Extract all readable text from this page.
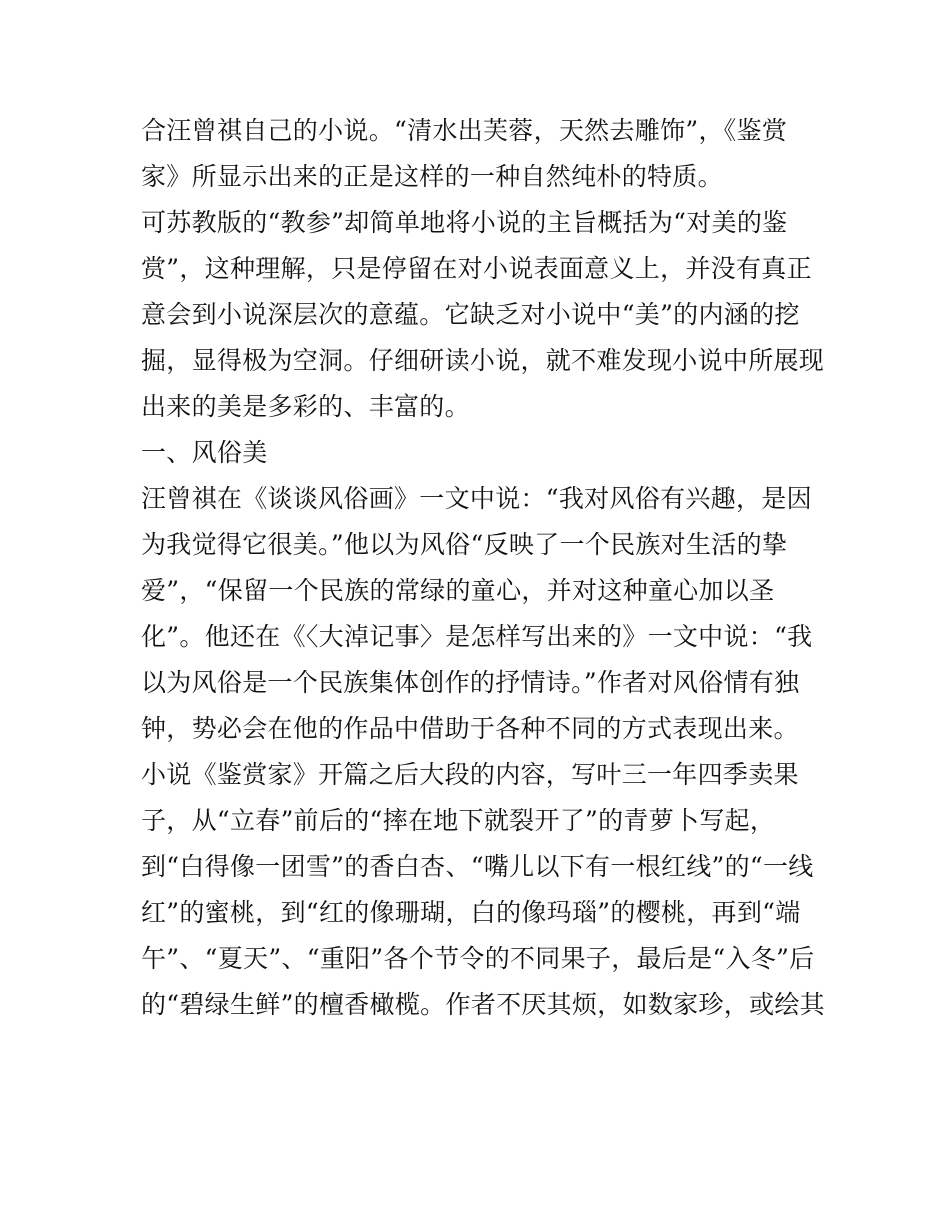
合汪曾祺自己的小说。“清水出芙蓉，天然去雕饰”，《鉴赏
家》所显示出来的正是这样的一种自然纯朴的特质。
可苏教版的“教参”却简单地将小说的主旨概括为“对美的鉴
赏”，这种理解，只是停留在对小说表面意义上，并没有真正
意会到小说深层次的意蕴。它缺乏对小说中“美”的内涵的挖
掘，显得极为空洞。仔细研读小说，就不难发现小说中所展现
出来的美是多彩的、丰富的。
一、风俗美
汪曾祺在《谈谈风俗画》一文中说：“我对风俗有兴趣，是因
为我觉得它很美。”他以为风俗“反映了一个民族对生活的挚
爱”，“保留一个民族的常绿的童心，并对这种童心加以圣
化”。他还在《〈大淖记事〉是怎样写出来的》一文中说：“我
以为风俗是一个民族集体创作的抒情诗。”作者对风俗情有独
钟，势必会在他的作品中借助于各种不同的方式表现出来。
小说《鉴赏家》开篇之后大段的内容，写叶三一年四季卖果
子，从“立春”前后的“摔在地下就裂开了”的青萝卜写起，
到“白得像一团雪”的香白杏、“嘴儿以下有一根红线”的“一线
红”的蜜桃，到“红的像珊瑚，白的像玛瑙”的樱桃，再到“端
午”、“夏天”、“重阳”各个节令的不同果子，最后是“入冬”后
的“碧绿生鲜”的檀香橄榄。作者不厌其烦，如数家珍，或绘其
